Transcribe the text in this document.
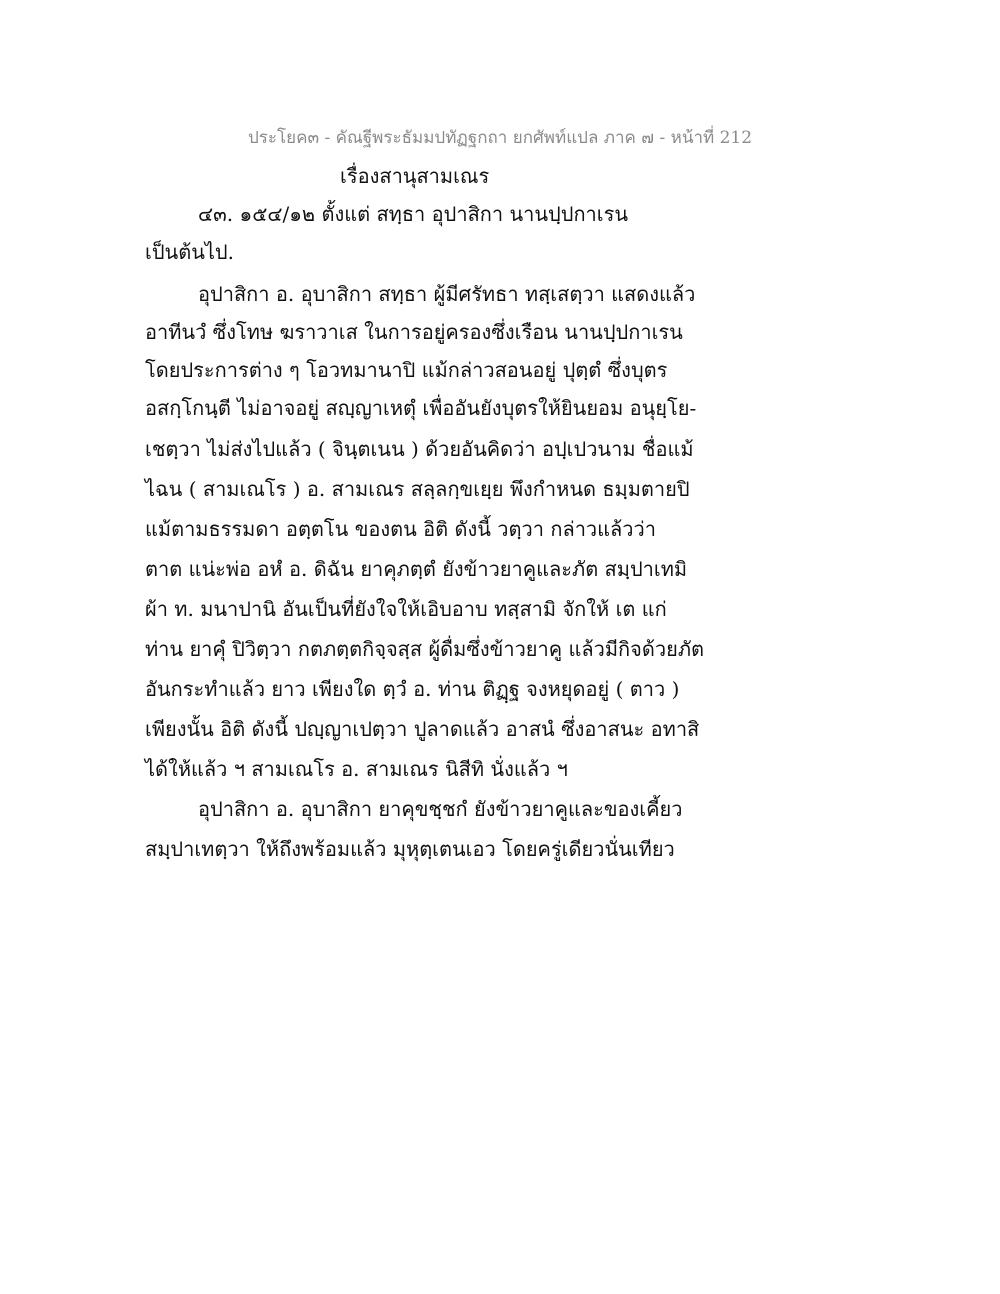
ประโยค๓ - คัณฐีพระธัมมปทัฏฐกถา ยกศัพท์แปล ภาค ๗ - หน้าที่ 212
เรื่องสานุสามเณร
๔๓. ๑๕๔/๑๒ ตั้งแต่ สทฺธา อุปาสิกา นานปฺปกาเรน
เป็นต้นไป.
อุปาสิกา อ. อุบาสิกา สทฺธา ผู้มีศรัทธา ทสฺเสตฺวา แสดงแล้ว
อาทีนวํ ซึ่งโทษ ฆราวาเส ในการอยู่ครองซึ่งเรือน นานปฺปกาเรน
โดยประการต่าง ๆ โอวทมานาปิ แม้กล่าวสอนอยู่ ปุตฺตํ ซึ่งบุตร
อสกฺโกนฺตี ไม่อาจอยู่ สญฺญาเหตุํ เพื่ออันยังบุตรให้ยินยอม อนุยฺโย-
เชตฺวา ไม่ส่งไปแล้ว ( จินฺตเนน ) ด้วยอันคิดว่า อปฺเปวนาม ชื่อแม้
ไฉน ( สามเณโร ) อ. สามเณร สลฺลกฺขเยฺย พึงกำหนด ธมฺมตายปิ
แม้ตามธรรมดา อตฺตโน ของตน อิติ ดังนี้ วตฺวา กล่าวแล้วว่า
ตาต แน่ะพ่อ อหํ อ. ดิฉัน ยาคุภตฺตํ ยังข้าวยาคูและภัต สมฺปาเทมิ
ผ้า ท. มนาปานิ อันเป็นที่ยังใจให้เอิบอาบ ทสฺสามิ จักให้ เต แก่
ท่าน ยาคุํ ปิวิตฺวา กตภตฺตกิจฺจสฺส ผู้ดื่มซึ่งข้าวยาคู แล้วมีกิจด้วยภัต
อันกระทำแล้ว ยาว เพียงใด ตฺวํ อ. ท่าน ติฏฺฐ จงหยุดอยู่ ( ตาว )
เพียงนั้น อิติ ดังนี้ ปญฺญาเปตฺวา ปูลาดแล้ว อาสนํ ซึ่งอาสนะ อทาสิ
ได้ให้แล้ว ฯ สามเณโร อ. สามเณร นิสีทิ นั่งแล้ว ฯ
อุปาสิกา อ. อุบาสิกา ยาคุขชฺชกํ ยังข้าวยาคูและของเคี้ยว
สมฺปาเทตฺวา ให้ถึงพร้อมแล้ว มุหุตฺเตนเอว โดยครู่เดียวนั่นเทียว
